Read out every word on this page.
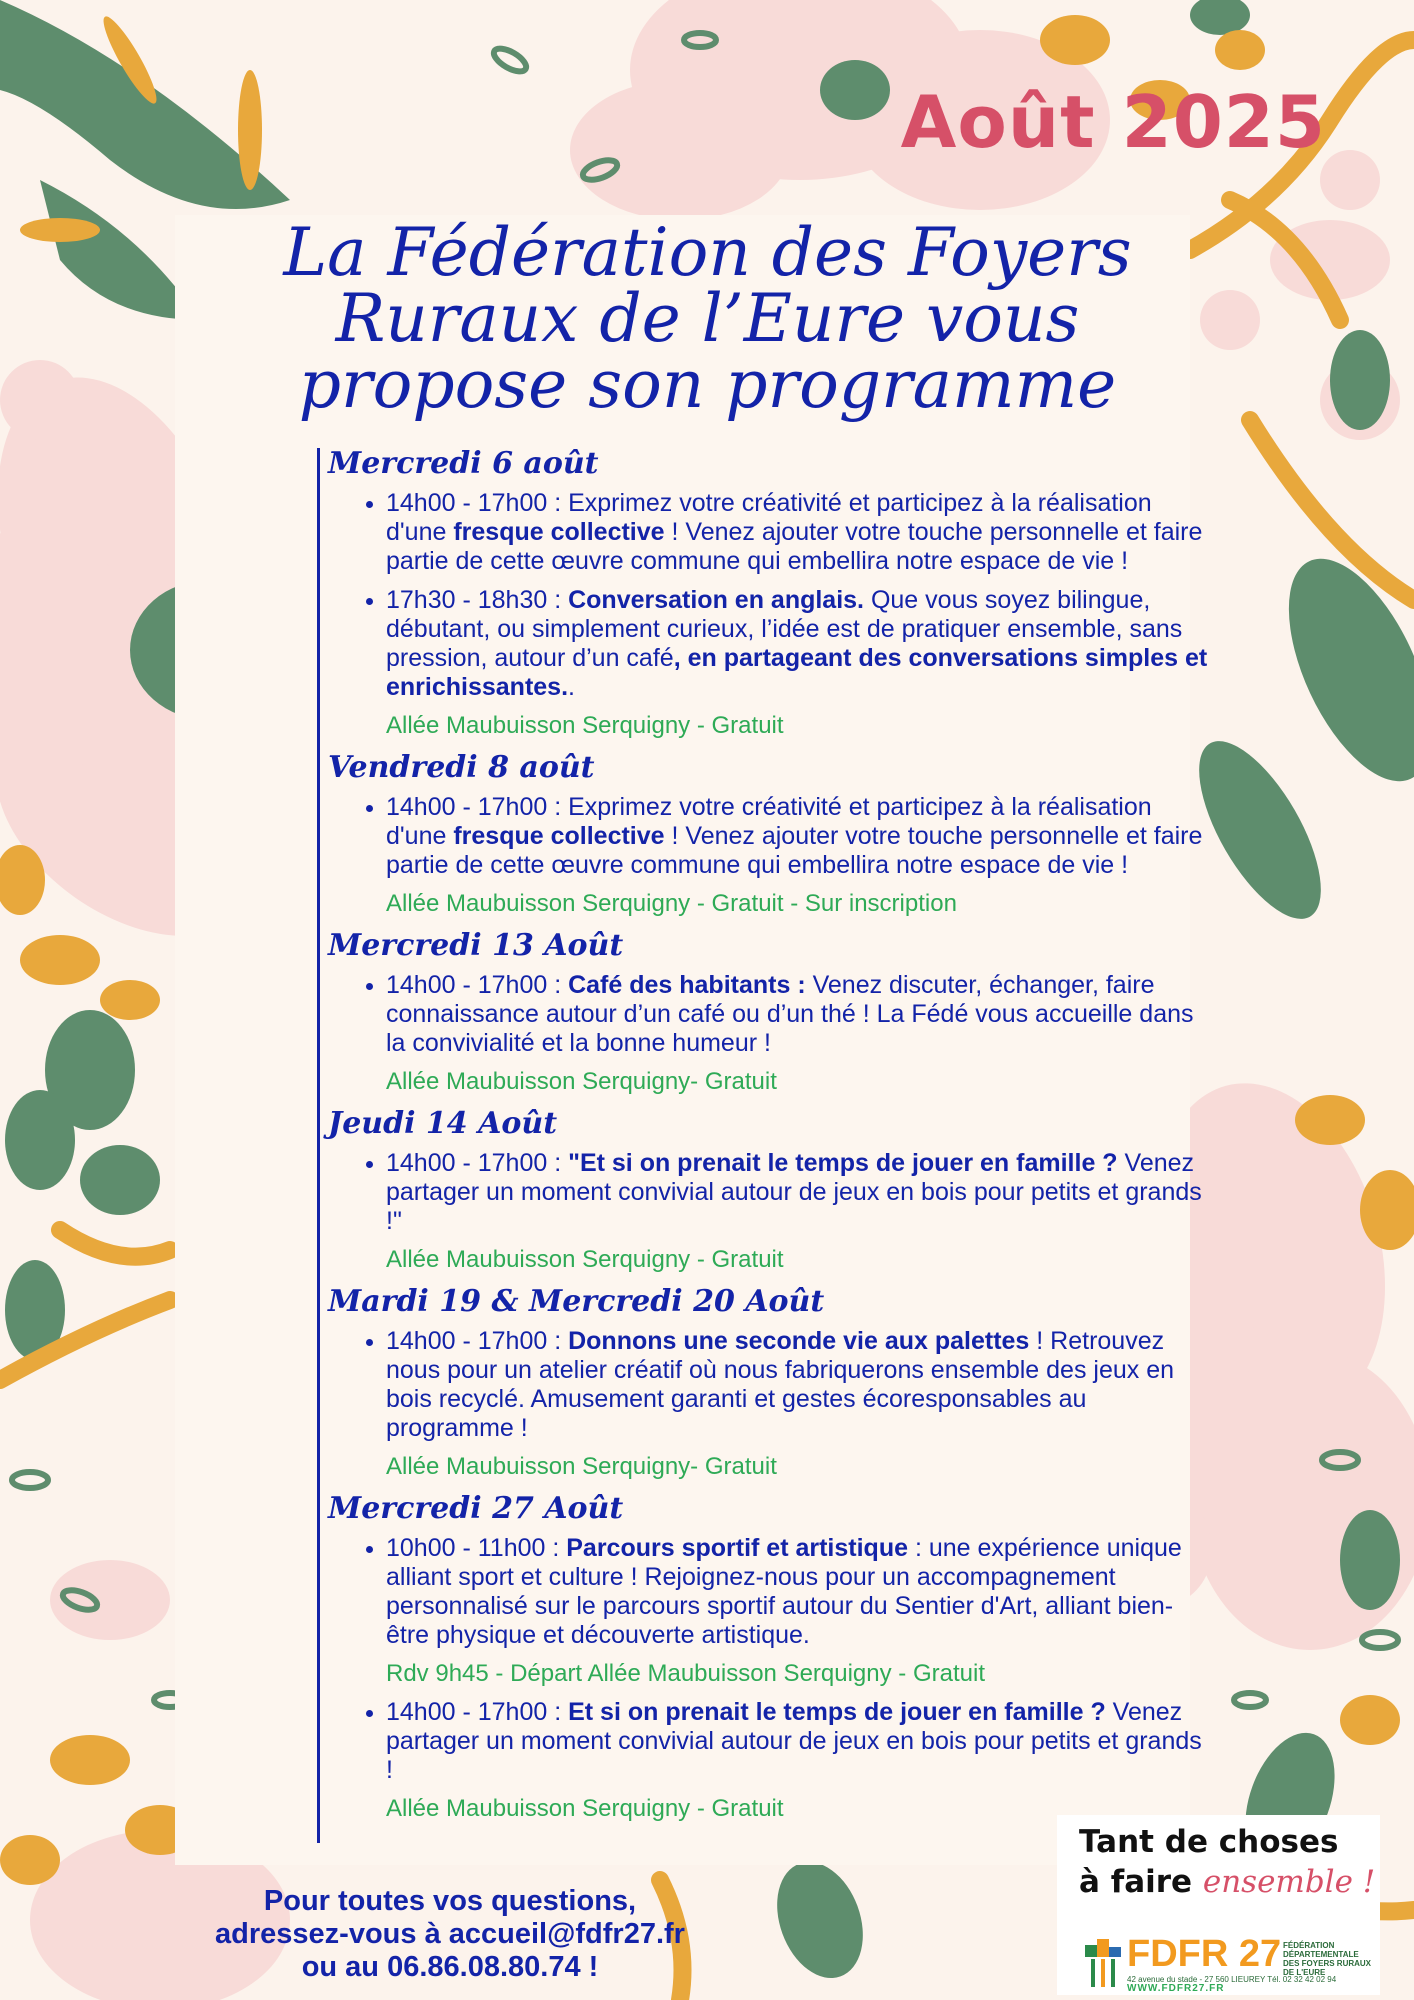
Août 2025
La Fédération des Foyers
Ruraux de l’Eure vous
propose son programme
Mercredi 6 août
• 14h00 - 17h00 : Exprimez votre créativité et participez à la réalisation d'une fresque collective ! Venez ajouter votre touche personnelle et faire partie de cette œuvre commune qui embellira notre espace de vie !
• 17h30 - 18h30 : Conversation en anglais. Que vous soyez bilingue, débutant, ou simplement curieux, l’idée est de pratiquer ensemble, sans pression, autour d’un café, en partageant des conversations simples et enrichissantes..
Allée Maubuisson Serquigny - Gratuit
Vendredi 8 août
• 14h00 - 17h00 : Exprimez votre créativité et participez à la réalisation d'une fresque collective ! Venez ajouter votre touche personnelle et faire partie de cette œuvre commune qui embellira notre espace de vie !
Allée Maubuisson Serquigny - Gratuit - Sur inscription
Mercredi 13 Août
• 14h00 - 17h00 : Café des habitants : Venez discuter, échanger, faire connaissance autour d’un café ou d’un thé ! La Fédé vous accueille dans la convivialité et la bonne humeur !
Allée Maubuisson Serquigny- Gratuit
Jeudi 14 Août
• 14h00 - 17h00 : "Et si on prenait le temps de jouer en famille ? Venez partager un moment convivial autour de jeux en bois pour petits et grands !"
Allée Maubuisson Serquigny - Gratuit
Mardi 19 & Mercredi 20 Août
• 14h00 - 17h00 : Donnons une seconde vie aux palettes ! Retrouvez nous pour un atelier créatif où nous fabriquerons ensemble des jeux en bois recyclé. Amusement garanti et gestes écoresponsables au programme !
Allée Maubuisson Serquigny- Gratuit
Mercredi 27 Août
• 10h00 - 11h00 : Parcours sportif et artistique : une expérience unique alliant sport et culture ! Rejoignez-nous pour un accompagnement personnalisé sur le parcours sportif autour du Sentier d'Art, alliant bien-être physique et découverte artistique.
Rdv 9h45 - Départ Allée Maubuisson Serquigny - Gratuit
• 14h00 - 17h00 : Et si on prenait le temps de jouer en famille ? Venez partager un moment convivial autour de jeux en bois pour petits et grands !
Allée Maubuisson Serquigny - Gratuit
Pour toutes vos questions,
adressez-vous à accueil@fdfr27.fr
ou au 06.86.08.80.74 !
Tant de choses
à faire ensemble !
FDFR 27 FÉDÉRATION DÉPARTEMENTALE DES FOYERS RURAUX DE L'EURE
42 avenue du stade - 27 560 LIEUREY Tél. 02 32 42 02 94
WWW.FDFR27.FR
